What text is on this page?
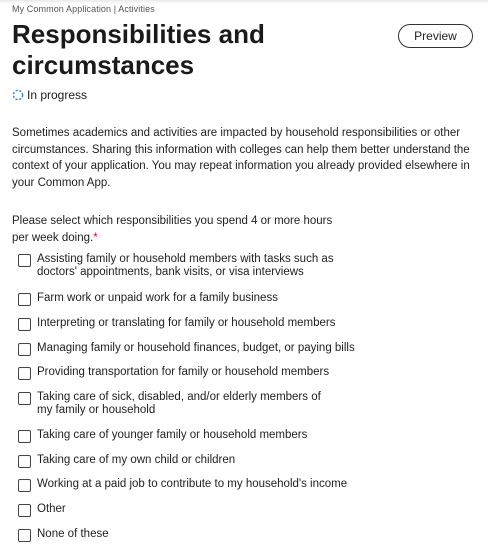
My Common Application | Activities
Responsibilities and circumstances
Preview
In progress

Sometimes academics and activities are impacted by household responsibilities or other circumstances. Sharing this information with colleges can help them better understand the context of your application. You may repeat information you already provided elsewhere in your Common App.

Please select which responsibilities you spend 4 or more hours per week doing.*

Assisting family or household members with tasks such as doctors' appointments, bank visits, or visa interviews
Farm work or unpaid work for a family business
Interpreting or translating for family or household members
Managing family or household finances, budget, or paying bills
Providing transportation for family or household members
Taking care of sick, disabled, and/or elderly members of my family or household
Taking care of younger family or household members
Taking care of my own child or children
Working at a paid job to contribute to my household's income
Other
None of these
